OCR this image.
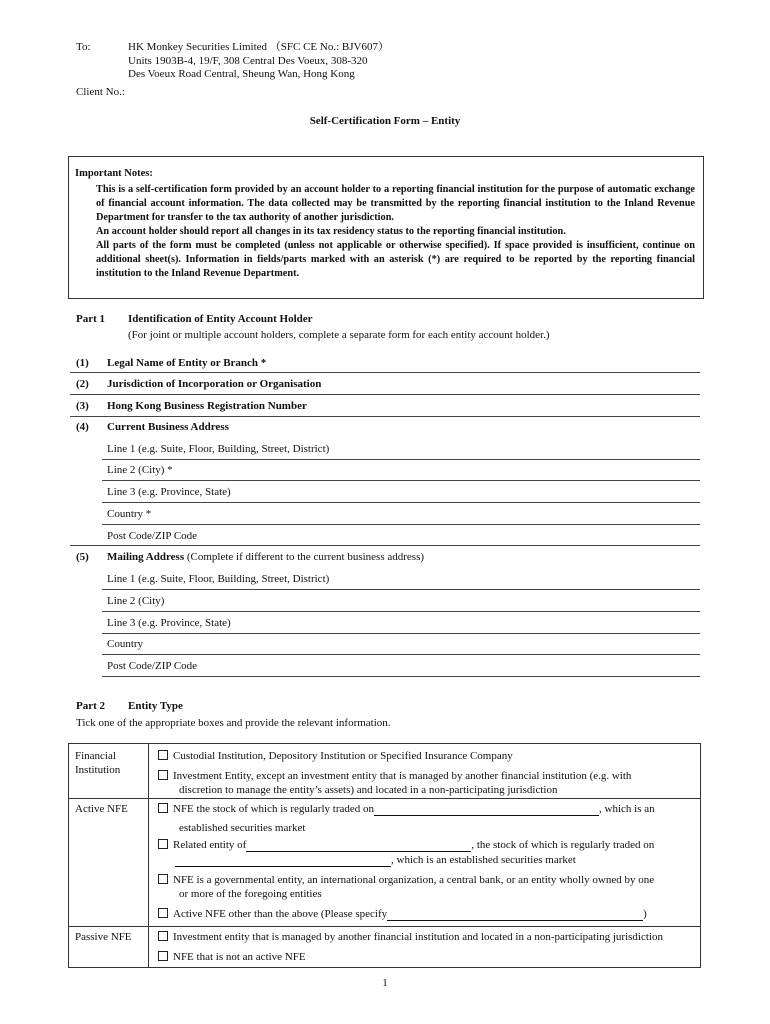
To:	HK Monkey Securities Limited （SFC CE No.: BJV607）
Units 1903B-4, 19/F, 308 Central Des Voeux, 308-320
Des Voeux Road Central, Sheung Wan, Hong Kong
Client No.:
Self-Certification Form – Entity
Important Notes:

This is a self-certification form provided by an account holder to a reporting financial institution for the purpose of automatic exchange of financial account information. The data collected may be transmitted by the reporting financial institution to the Inland Revenue Department for transfer to the tax authority of another jurisdiction.

An account holder should report all changes in its tax residency status to the reporting financial institution.

All parts of the form must be completed (unless not applicable or otherwise specified). If space provided is insufficient, continue on additional sheet(s). Information in fields/parts marked with an asterisk (*) are required to be reported by the reporting financial institution to the Inland Revenue Department.

Part 1 Identification of Entity Account Holder
(For joint or multiple account holders, complete a separate form for each entity account holder.)
(1) Legal Name of Entity or Branch *
(2) Jurisdiction of Incorporation or Organisation
(3) Hong Kong Business Registration Number
(4) Current Business Address
Line 1 (e.g. Suite, Floor, Building, Street, District)
Line 2 (City) *
Line 3 (e.g. Province, State)
Country *
Post Code/ZIP Code
(5) Mailing Address (Complete if different to the current business address)
Line 1 (e.g. Suite, Floor, Building, Street, District)
Line 2 (City)
Line 3 (e.g. Province, State)
Country
Post Code/ZIP Code
Part 2 Entity Type
Tick one of the appropriate boxes and provide the relevant information.
Financial
Institution
Custodial Institution, Depository Institution or Specified Insurance Company
Investment Entity, except an investment entity that is managed by another financial institution (e.g. with
discretion to manage the entity’s assets) and located in a non-participating jurisdiction
Active NFE	NFE the stock of which is regularly traded on	, which is an
established securities market
Related entity of	, the stock of which is regularly traded on
, which is an established securities market
NFE is a governmental entity, an international organization, a central bank, or an entity wholly owned by one
or more of the foregoing entities
Active NFE other than the above (Please specify	)
Passive NFE	Investment entity that is managed by another financial institution and located in a non-participating jurisdiction
NFE that is not an active NFE
1
